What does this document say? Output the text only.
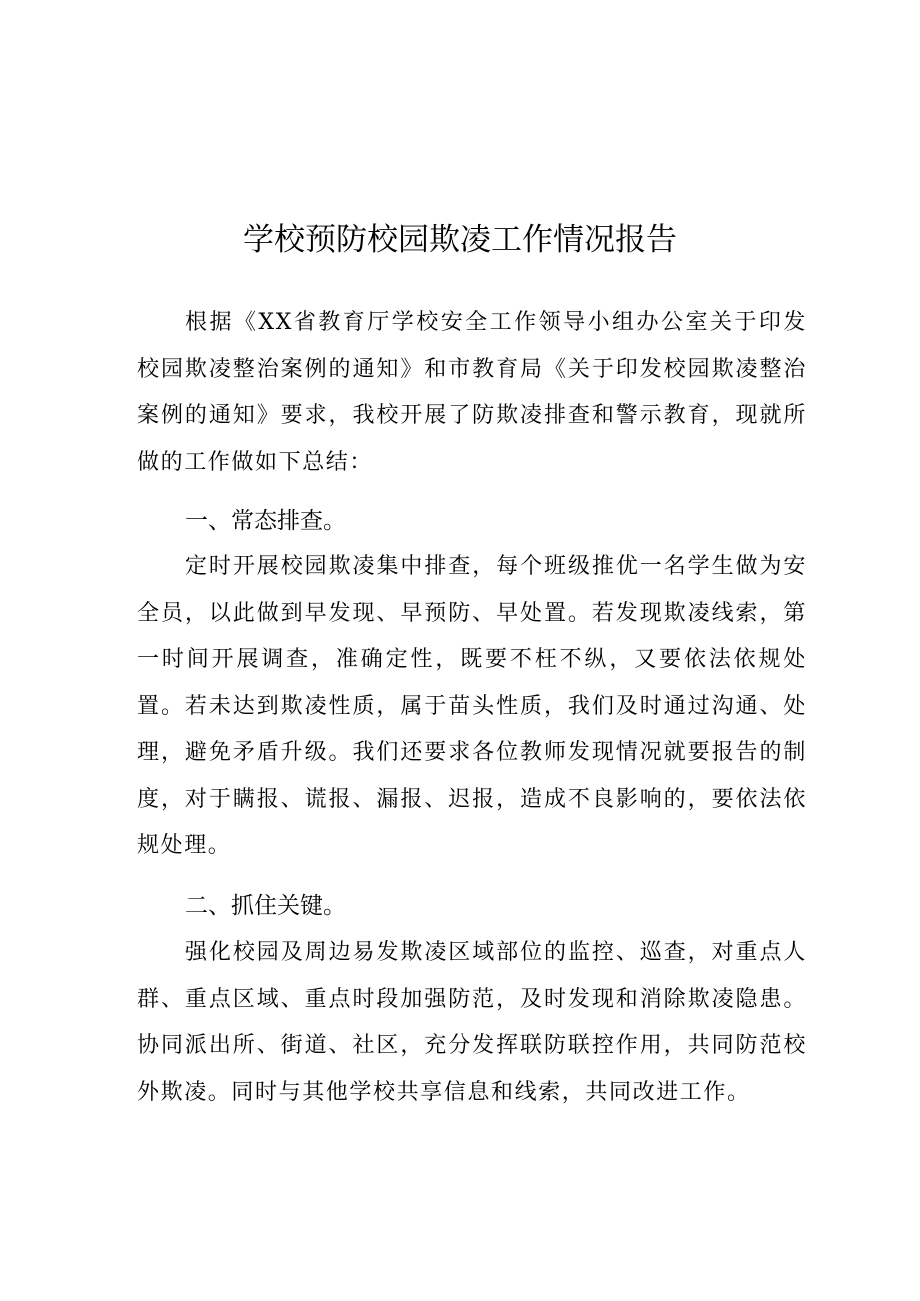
学校预防校园欺凌工作情况报告

根据《XX省教育厅学校安全工作领导小组办公室关于印发校园欺凌整治案例的通知》和市教育局《关于印发校园欺凌整治案例的通知》要求，我校开展了防欺凌排查和警示教育，现就所做的工作做如下总结：

一、常态排查。

定时开展校园欺凌集中排查，每个班级推优一名学生做为安全员，以此做到早发现、早预防、早处置。若发现欺凌线索，第一时间开展调查，准确定性，既要不枉不纵，又要依法依规处置。若未达到欺凌性质，属于苗头性质，我们及时通过沟通、处理，避免矛盾升级。我们还要求各位教师发现情况就要报告的制度，对于瞒报、谎报、漏报、迟报，造成不良影响的，要依法依规处理。

二、抓住关键。

强化校园及周边易发欺凌区域部位的监控、巡查，对重点人群、重点区域、重点时段加强防范，及时发现和消除欺凌隐患。协同派出所、街道、社区，充分发挥联防联控作用，共同防范校外欺凌。同时与其他学校共享信息和线索，共同改进工作。
